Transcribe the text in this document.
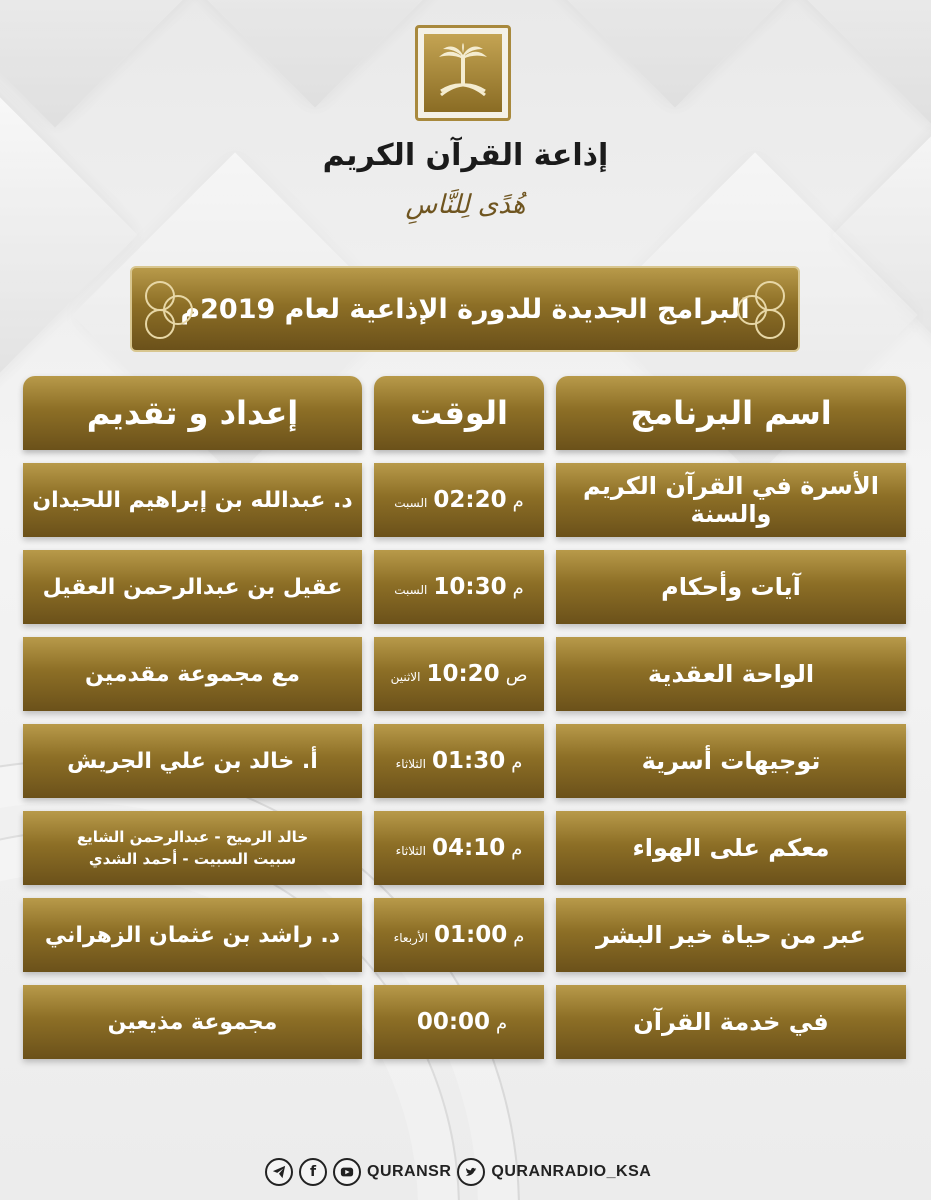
إذاعة القرآن الكريم
هُدًى لِلنَّاسِ
البرامج الجديدة للدورة الإذاعية لعام 2019م
اسم البرنامج
الوقت
إعداد و تقديم
الأسرة في القرآن الكريم والسنة
م
02:20
السبت
د. عبدالله بن إبراهيم اللحيدان
آيات وأحكام
م
10:30
السبت
عقيل بن عبدالرحمن العقيل
الواحة العقدية
ص
10:20
الاثنين
مع مجموعة مقدمين
توجيهات أسرية
م
01:30
الثلاثاء
أ. خالد بن علي الجريش
معكم على الهواء
م
04:10
الثلاثاء
خالد الرميح - عبدالرحمن الشايع
سبيت السبيت - أحمد الشدي
عبر من حياة خير البشر
م
01:00
الأربعاء
د. راشد بن عثمان الزهراني
في خدمة القرآن
م
00:00
مجموعة مذيعين
f	QURANSR	QURANRADIO_KSA
